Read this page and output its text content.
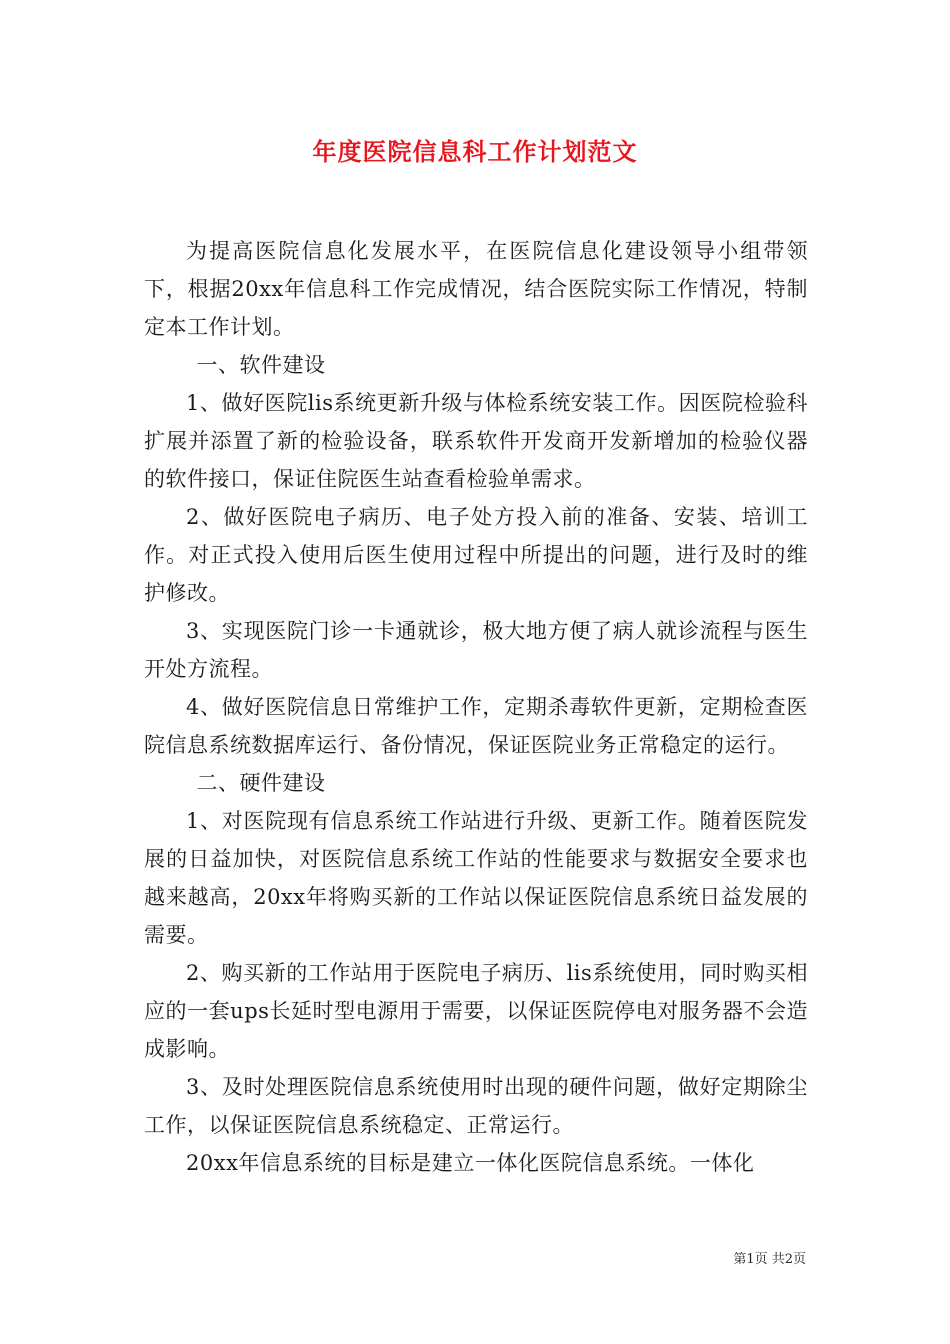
年度医院信息科工作计划范文

为提高医院信息化发展水平，在医院信息化建设领导小组带领下，根据20xx年信息科工作完成情况，结合医院实际工作情况，特制定本工作计划。

一、软件建设

1、做好医院lis系统更新升级与体检系统安装工作。因医院检验科扩展并添置了新的检验设备，联系软件开发商开发新增加的检验仪器的软件接口，保证住院医生站查看检验单需求。

2、做好医院电子病历、电子处方投入前的准备、安装、培训工作。对正式投入使用后医生使用过程中所提出的问题，进行及时的维护修改。

3、实现医院门诊一卡通就诊，极大地方便了病人就诊流程与医生开处方流程。

4、做好医院信息日常维护工作，定期杀毒软件更新，定期检查医院信息系统数据库运行、备份情况，保证医院业务正常稳定的运行。

二、硬件建设

1、对医院现有信息系统工作站进行升级、更新工作。随着医院发展的日益加快，对医院信息系统工作站的性能要求与数据安全要求也越来越高，20xx年将购买新的工作站以保证医院信息系统日益发展的需要。

2、购买新的工作站用于医院电子病历、lis系统使用，同时购买相应的一套ups长延时型电源用于需要，以保证医院停电对服务器不会造成影响。

3、及时处理医院信息系统使用时出现的硬件问题，做好定期除尘工作，以保证医院信息系统稳定、正常运行。

20xx年信息系统的目标是建立一体化医院信息系统。一体化

第1页 共2页
